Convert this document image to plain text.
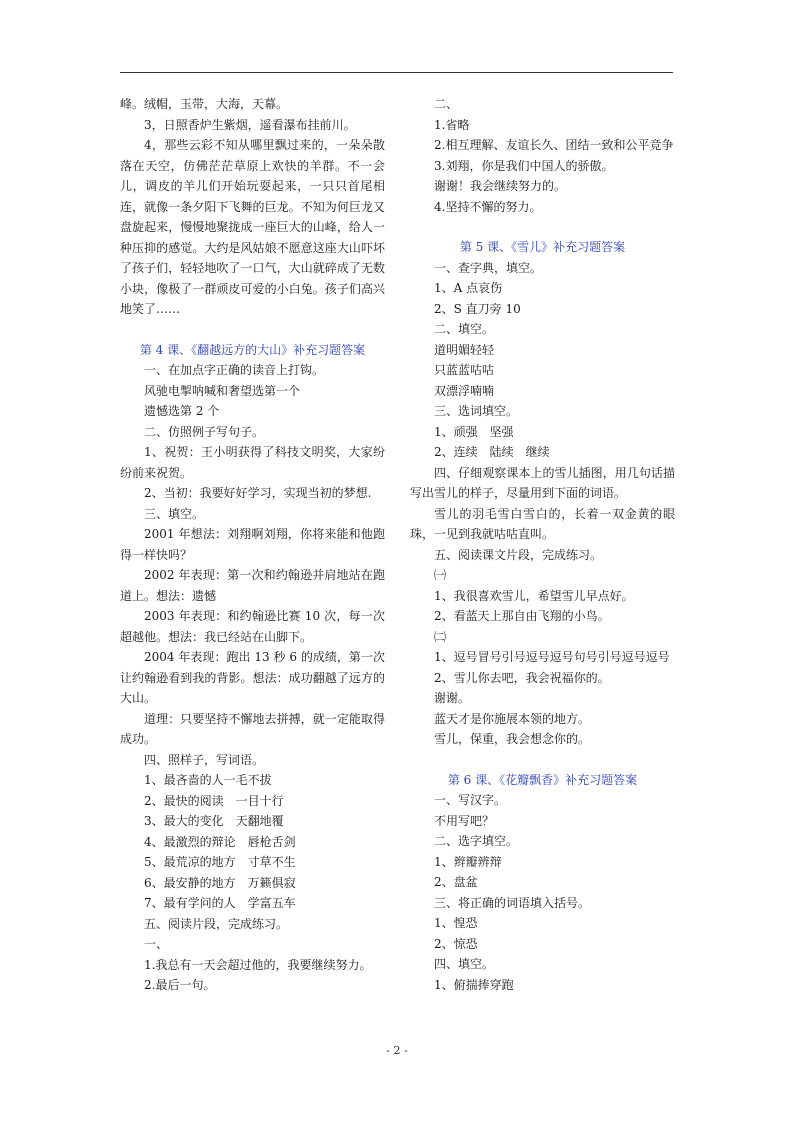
峰。绒帽，玉带，大海，天幕。

3，日照香炉生紫烟，遥看瀑布挂前川。

4，那些云彩不知从哪里飘过来的，一朵朵散落在天空，仿佛茫茫草原上欢快的羊群。不一会儿，调皮的羊儿们开始玩耍起来，一只只首尾相连，就像一条夕阳下飞舞的巨龙。不知为何巨龙又盘旋起来，慢慢地聚拢成一座巨大的山峰，给人一种压抑的感觉。大约是风姑娘不愿意这座大山吓坏了孩子们，轻轻地吹了一口气，大山就碎成了无数小块，像极了一群顽皮可爱的小白兔。孩子们高兴地笑了……

第 4 课、《翻越远方的大山》补充习题答案

一、在加点字正确的读音上打钩。

风驰电掣呐喊和奢望选第一个

遗憾选第 2 个

二、仿照例子写句子。

1、祝贺：王小明获得了科技文明奖，大家纷纷前来祝贺。

2、当初：我要好好学习，实现当初的梦想.

三、填空。

2001 年想法：刘翔啊刘翔，你将来能和他跑得一样快吗？

2002 年表现：第一次和约翰逊并肩地站在跑道上。想法：遗憾

2003 年表现：和约翰逊比赛 10 次，每一次超越他。想法：我已经站在山脚下。

2004 年表现：跑出 13 秒 6 的成绩，第一次让约翰逊看到我的背影。想法：成功翻越了远方的大山。

道理：只要坚持不懈地去拼搏，就一定能取得成功。

四、照样子，写词语。

1、最吝啬的人一毛不拔

2、最快的阅读　一目十行

3、最大的变化　天翻地覆

4、最激烈的辩论　唇枪舌剑

5、最荒凉的地方　寸草不生

6、最安静的地方　万籁俱寂

7、最有学问的人　学富五车

五、阅读片段，完成练习。

一、

1.我总有一天会超过他的，我要继续努力。

2.最后一句。

二、

1.省略

2.相互理解、友谊长久、团结一致和公平竞争

3.刘翔，你是我们中国人的骄傲。

谢谢！我会继续努力的。

4.坚持不懈的努力。

第 5 课、《雪儿》补充习题答案

一、查字典，填空。

1、A 点哀伤

2、S 直刀旁 10

二、填空。

道明媚轻轻

只蓝蓝咕咕

双漂浮喃喃

三、选词填空。

1、顽强　坚强

2、连续　陆续　继续

四、仔细观察课本上的雪儿插图，用几句话描写出雪儿的样子，尽量用到下面的词语。

雪儿的羽毛雪白雪白的，长着一双金黄的眼珠，一见到我就咕咕直叫。

五、阅读课文片段，完成练习。

㈠

1、我很喜欢雪儿，希望雪儿早点好。

2、看蓝天上那自由飞翔的小鸟。

㈡

1、逗号冒号引号逗号逗号句号引号逗号逗号

2、雪儿你去吧，我会祝福你的。

谢谢。

蓝天才是你施展本领的地方。

雪儿，保重，我会想念你的。

第 6 课、《花瓣飘香》补充习题答案

一、写汉字。

不用写吧？

二、选字填空。

1、辫瓣辨辩

2、盘盆

三、将正确的词语填入括号。

1、惶恐

2、惊恐

四、填空。

1、俯揣捧穿跑

- 2 -
